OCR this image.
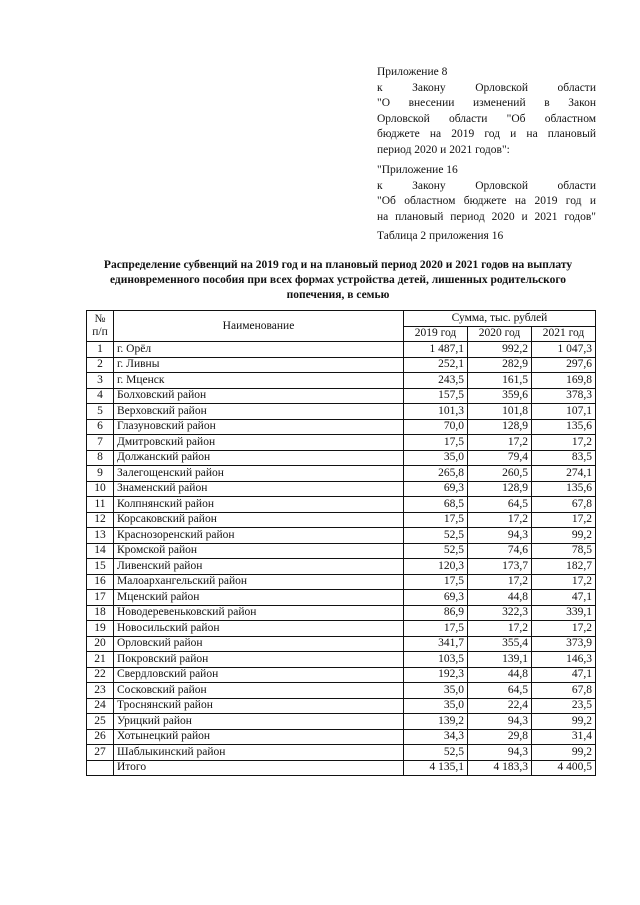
Приложение 8
к Закону Орловской области
"О внесении изменений в Закон
Орловской области "Об областном
бюджете на 2019 год и на плановый
период 2020 и 2021 годов":
"Приложение 16
к Закону Орловской области
"Об областном бюджете на 2019 год и
на плановый период 2020 и 2021 годов"
Таблица 2 приложения 16
Распределение субвенций на 2019 год и на плановый период 2020 и 2021 годов на выплату единовременного пособия при всех формах устройства детей, лишенных родительского попечения, в семью
№
п/п	Наименование	Сумма, тыс. рублей		
		2019 год	2020 год	2021 год
1	г. Орёл	1 487,1	992,2	1 047,3
2	г. Ливны	252,1	282,9	297,6
3	г. Мценск	243,5	161,5	169,8
4	Болховский район	157,5	359,6	378,3
5	Верховский район	101,3	101,8	107,1
6	Глазуновский район	70,0	128,9	135,6
7	Дмитровский район	17,5	17,2	17,2
8	Должанский район	35,0	79,4	83,5
9	Залегощенский район	265,8	260,5	274,1
10	Знаменский район	69,3	128,9	135,6
11	Колпнянский район	68,5	64,5	67,8
12	Корсаковский район	17,5	17,2	17,2
13	Краснозоренский район	52,5	94,3	99,2
14	Кромской район	52,5	74,6	78,5
15	Ливенский район	120,3	173,7	182,7
16	Малоархангельский район	17,5	17,2	17,2
17	Мценский район	69,3	44,8	47,1
18	Новодеревеньковский район	86,9	322,3	339,1
19	Новосильский район	17,5	17,2	17,2
20	Орловский район	341,7	355,4	373,9
21	Покровский район	103,5	139,1	146,3
22	Свердловский район	192,3	44,8	47,1
23	Сосковский район	35,0	64,5	67,8
24	Троснянский район	35,0	22,4	23,5
25	Урицкий район	139,2	94,3	99,2
26	Хотынецкий район	34,3	29,8	31,4
27	Шаблыкинский район	52,5	94,3	99,2
	Итого	4 135,1	4 183,3	4 400,5
